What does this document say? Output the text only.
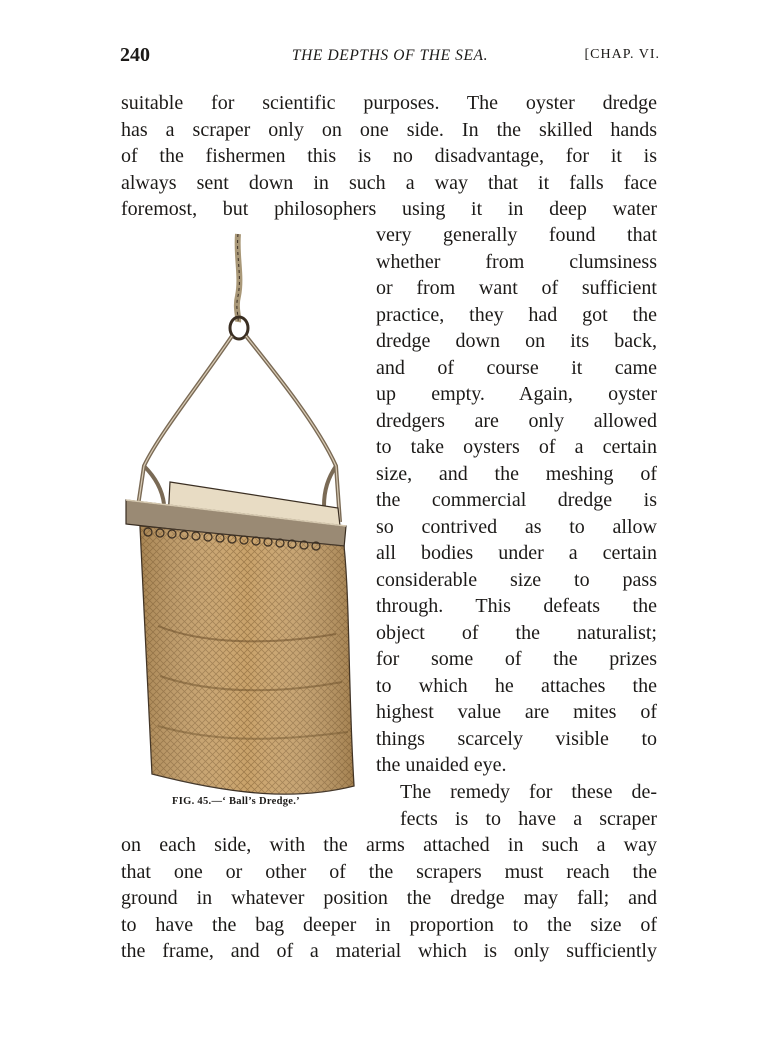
240	THE DEPTHS OF THE SEA.	[CHAP. VI.

suitable for scientific purposes. The oyster dredge
has a scraper only on one side. In the skilled hands
of the fishermen this is no disadvantage, for it is
always sent down in such a way that it falls face
foremost, but philosophers using it in deep water

very generally found that
whether from clumsiness
or from want of sufficient
practice, they had got the
dredge down on its back,
and of course it came
up empty. Again, oyster
dredgers are only allowed
to take oysters of a certain
size, and the meshing of
the commercial dredge is
so contrived as to allow
all bodies under a certain
considerable size to pass
through. This defeats the
object of the naturalist;
for some of the prizes
to which he attaches the
highest value are mites of
things scarcely visible to
the unaided eye.

The remedy for these de-
fects is to have a scraper

on each side, with the arms attached in such a way
that one or other of the scrapers must reach the
ground in whatever position the dredge may fall; and
to have the bag deeper in proportion to the size of
the frame, and of a material which is only sufficiently

FIG. 45.—‘ Ball’s Dredge.’
